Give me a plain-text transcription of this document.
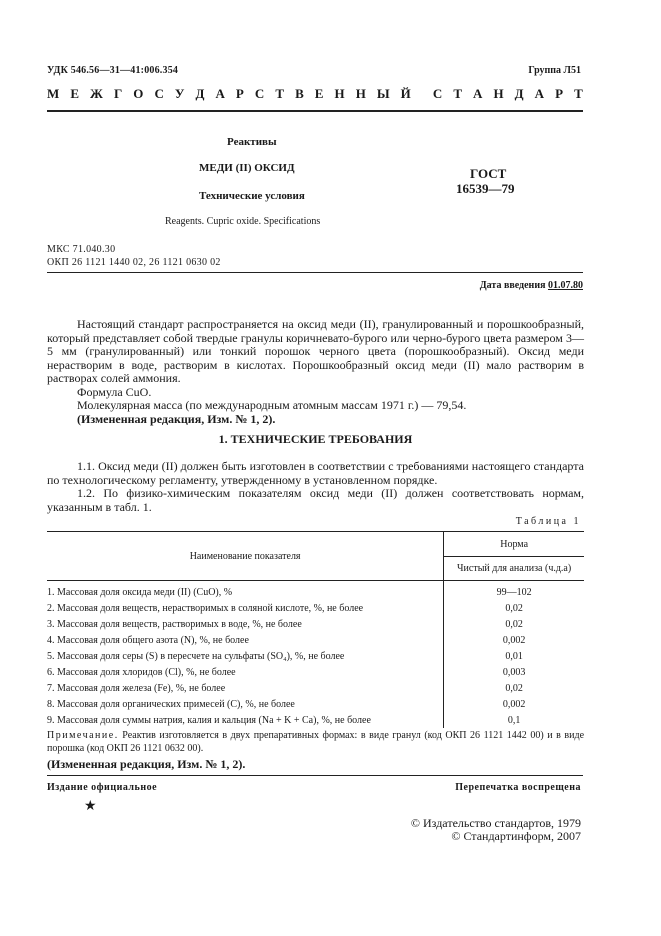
УДК 546.56—31—41:006.354	Группа Л51
М Е Ж Г О С У Д А Р С Т В Е Н Н Ы Й С Т А Н Д А Р Т
Реактивы
МЕДИ (II) ОКСИД
Технические условия
Reagents. Cupric oxide. Specifications
ГОСТ
16539—79
МКС 71.040.30
ОКП 26 1121 1440 02, 26 1121 0630 02
Дата введения 01.07.80

Настоящий стандарт распространяется на оксид меди (II), гранулированный и порошкообразный, который представляет собой твердые гранулы коричневато-бурого или черно-бурого цвета размером 3—5 мм (гранулированный) или тонкий порошок черного цвета (порошкообразный). Оксид меди нерастворим в воде, растворим в кислотах. Порошкообразный оксид меди (II) мало растворим в растворах солей аммония.

Формула CuO.

Молекулярная масса (по международным атомным массам 1971 г.) — 79,54.

(Измененная редакция, Изм. № 1, 2).

1. ТЕХНИЧЕСКИЕ ТРЕБОВАНИЯ

1.1. Оксид меди (II) должен быть изготовлен в соответствии с требованиями настоящего стандарта по технологическому регламенту, утвержденному в установленном порядке.

1.2. По физико-химическим показателям оксид меди (II) должен соответствовать нормам, указанным в табл. 1.

Таблица 1
Наименование показателя	Норма
	Чистый для анализа (ч.д.а)
1. Массовая доля оксида меди (II) (CuO), %	99—102
2. Массовая доля веществ, нерастворимых в соляной кислоте, %, не более	0,02
3. Массовая доля веществ, растворимых в воде, %, не более	0,02
4. Массовая доля общего азота (N), %, не более	0,002
5. Массовая доля серы (S) в пересчете на сульфаты (SO₄), %, не более	0,01
6. Массовая доля хлоридов (Cl), %, не более	0,003
7. Массовая доля железа (Fe), %, не более	0,02
8. Массовая доля органических примесей (C), %, не более	0,002
9. Массовая доля суммы натрия, калия и кальция (Na + K + Ca), %, не более	0,1
Примечание. Реактив изготовляется в двух препаративных формах: в виде гранул (код ОКП 26 1121 1442 00) и в виде порошка (код ОКП 26 1121 0632 00).
(Измененная редакция, Изм. № 1, 2).
Издание официальное	Перепечатка воспрещена
★
© Издательство стандартов, 1979
© Стандартинформ, 2007
